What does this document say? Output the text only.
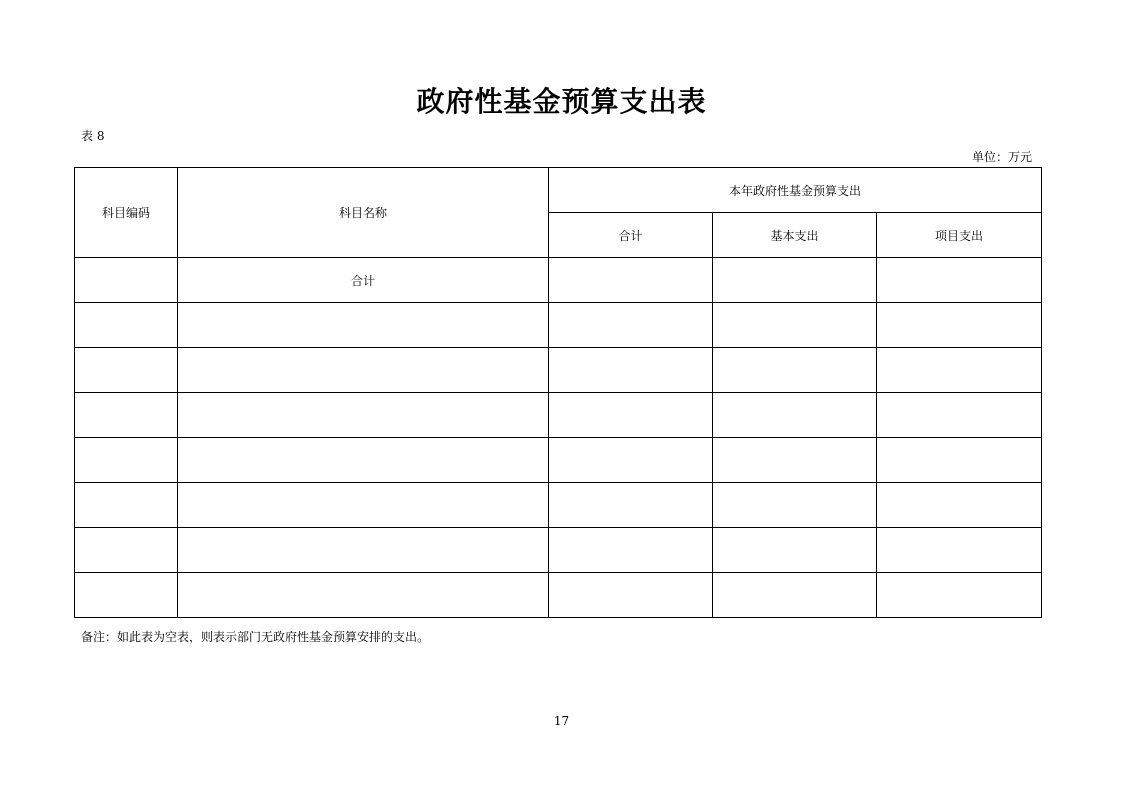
政府性基金预算支出表
表 8
单位：万元
科目编码	科目名称	本年政府性基金预算支出		
		合计	基本支出	项目支出
	合计			

备注：如此表为空表，则表示部门无政府性基金预算安排的支出。
17
